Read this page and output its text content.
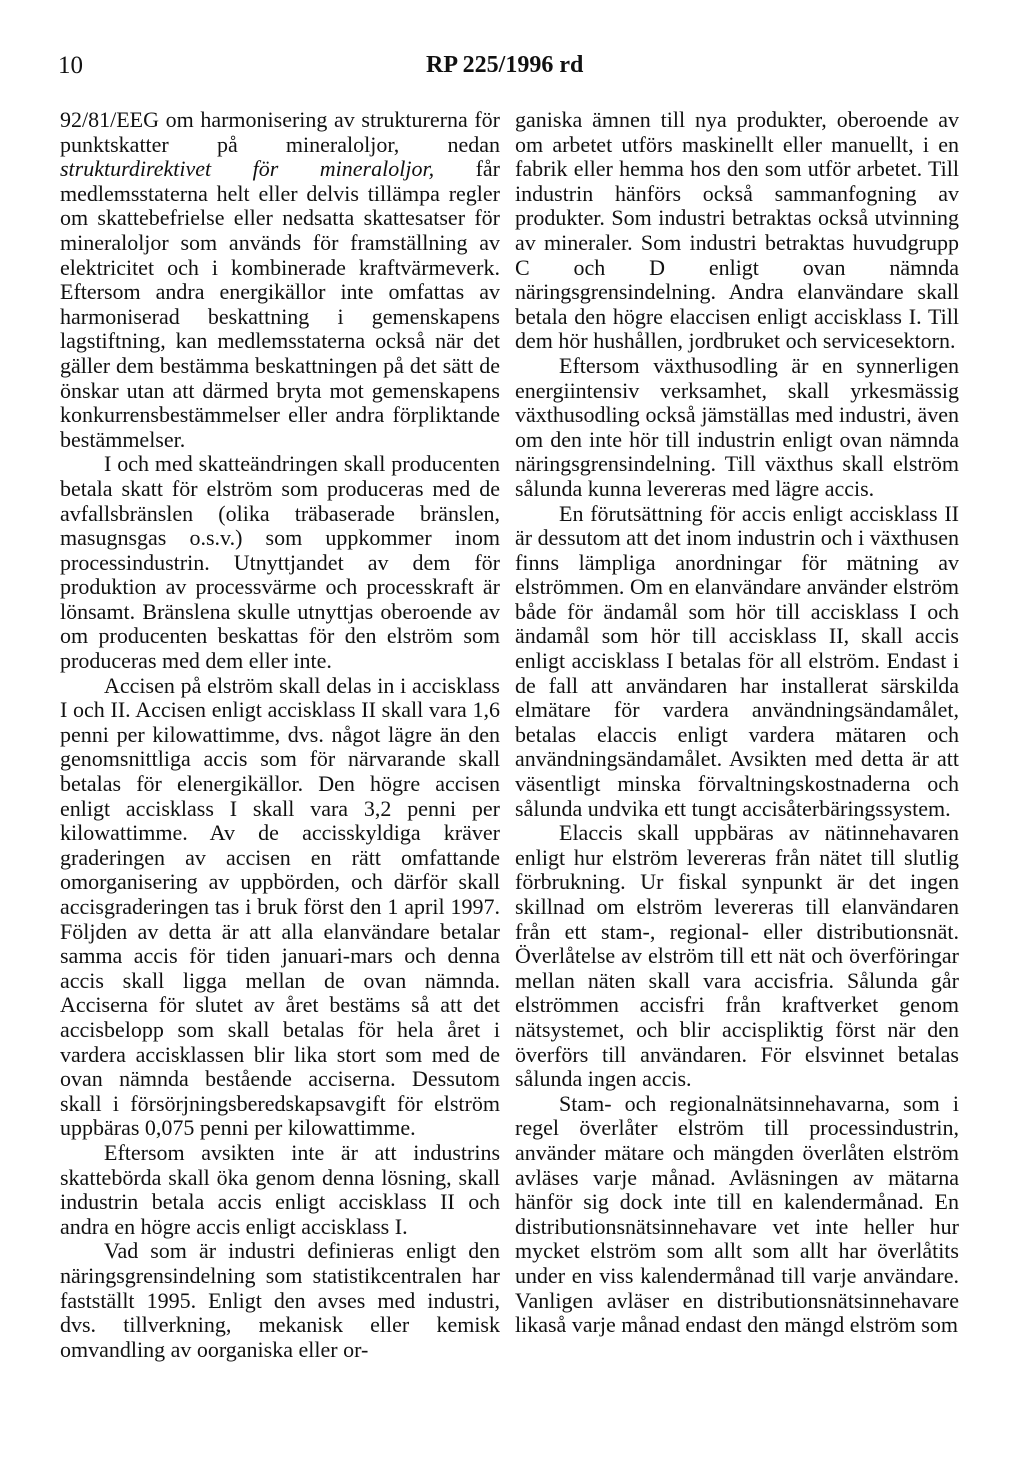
10	RP 225/1996 rd

92/81/EEG om harmonisering av strukturerna för punktskatter på mineraloljor, nedan strukturdirektivet för mineraloljor, får medlemsstaterna helt eller delvis tillämpa regler om skattebefrielse eller nedsatta skattesatser för mineraloljor som används för framställning av elektricitet och i kombinerade kraftvärmeverk. Eftersom andra energikällor inte omfattas av harmoniserad beskattning i gemenskapens lagstiftning, kan medlemsstaterna också när det gäller dem bestämma beskattningen på det sätt de önskar utan att därmed bryta mot gemenskapens konkurrensbestämmelser eller andra förpliktande bestämmelser.

I och med skatteändringen skall producenten betala skatt för elström som produceras med de avfallsbränslen (olika träbaserade bränslen, masugnsgas o.s.v.) som uppkommer inom processindustrin. Utnyttjandet av dem för produktion av processvärme och processkraft är lönsamt. Bränslena skulle utnyttjas oberoende av om producenten beskattas för den elström som produceras med dem eller inte.

Accisen på elström skall delas in i accisklass I och II. Accisen enligt accisklass II skall vara 1,6 penni per kilowattimme, dvs. något lägre än den genomsnittliga accis som för närvarande skall betalas för elenergikällor. Den högre accisen enligt accisklass I skall vara 3,2 penni per kilowattimme. Av de accisskyldiga kräver graderingen av accisen en rätt omfattande omorganisering av uppbörden, och därför skall accisgraderingen tas i bruk först den 1 april 1997. Följden av detta är att alla elanvändare betalar samma accis för tiden januari-mars och denna accis skall ligga mellan de ovan nämnda. Acciserna för slutet av året bestäms så att det accisbelopp som skall betalas för hela året i vardera accisklassen blir lika stort som med de ovan nämnda bestående acciserna. Dessutom skall i försörjningsberedskapsavgift för elström uppbäras 0,075 penni per kilowattimme.

Eftersom avsikten inte är att industrins skattebörda skall öka genom denna lösning, skall industrin betala accis enligt accisklass II och andra en högre accis enligt accisklass I.

Vad som är industri definieras enligt den näringsgrensindelning som statistikcentralen har fastställt 1995. Enligt den avses med industri, dvs. tillverkning, mekanisk eller kemisk omvandling av oorganiska eller or-

ganiska ämnen till nya produkter, oberoende av om arbetet utförs maskinellt eller manuellt, i en fabrik eller hemma hos den som utför arbetet. Till industrin hänförs också sammanfogning av produkter. Som industri betraktas också utvinning av mineraler. Som industri betraktas huvudgrupp C och D enligt ovan nämnda näringsgrensindelning. Andra elanvändare skall betala den högre elaccisen enligt accisklass I. Till dem hör hushållen, jordbruket och servicesektorn.

Eftersom växthusodling är en synnerligen energiintensiv verksamhet, skall yrkesmässig växthusodling också jämställas med industri, även om den inte hör till industrin enligt ovan nämnda näringsgrensindelning. Till växthus skall elström sålunda kunna levereras med lägre accis.

En förutsättning för accis enligt accisklass II är dessutom att det inom industrin och i växthusen finns lämpliga anordningar för mätning av elströmmen. Om en elanvändare använder elström både för ändamål som hör till accisklass I och ändamål som hör till accisklass II, skall accis enligt accisklass I betalas för all elström. Endast i de fall att användaren har installerat särskilda elmätare för vardera användningsändamålet, betalas elaccis enligt vardera mätaren och användningsändamålet. Avsikten med detta är att väsentligt minska förvaltningskostnaderna och sålunda undvika ett tungt accisåterbäringssystem.

Elaccis skall uppbäras av nätinnehavaren enligt hur elström levereras från nätet till slutlig förbrukning. Ur fiskal synpunkt är det ingen skillnad om elström levereras till elanvändaren från ett stam-, regional- eller distributionsnät. Överlåtelse av elström till ett nät och överföringar mellan näten skall vara accisfria. Sålunda går elströmmen accisfri från kraftverket genom nätsystemet, och blir accispliktig först när den överförs till användaren. För elsvinnet betalas sålunda ingen accis.

Stam- och regionalnätsinnehavarna, som i regel överlåter elström till processindustrin, använder mätare och mängden överlåten elström avläses varje månad. Avläsningen av mätarna hänför sig dock inte till en kalendermånad. En distributionsnätsinnehavare vet inte heller hur mycket elström som allt som allt har överlåtits under en viss kalendermånad till varje användare. Vanligen avläser en distributionsnätsinnehavare likaså varje månad endast den mängd elström som
